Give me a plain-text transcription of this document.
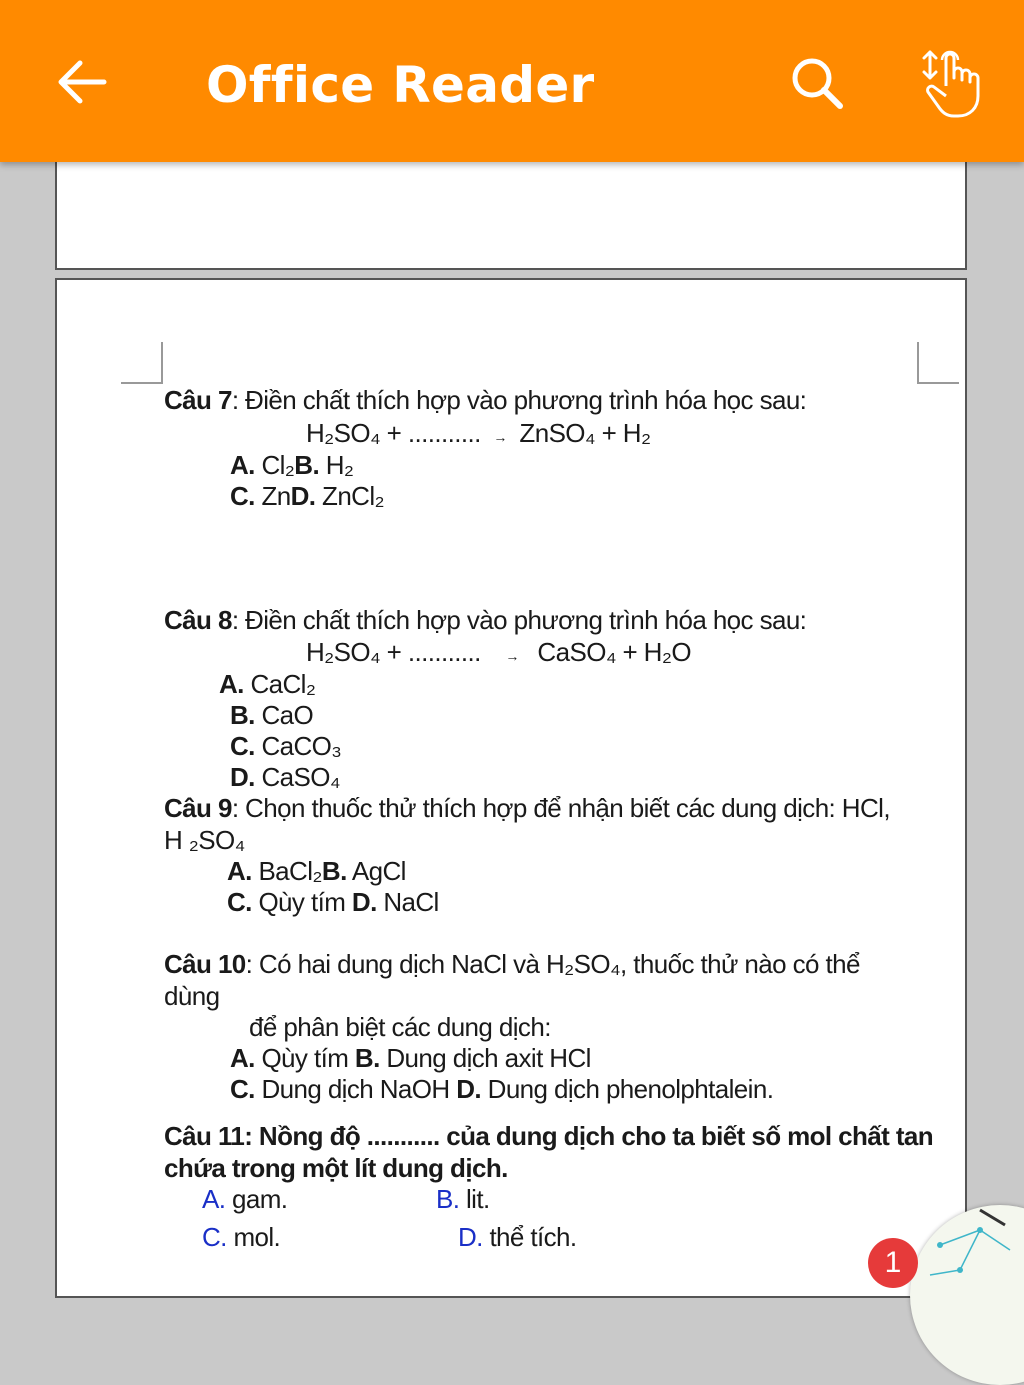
Office Reader
Câu 7: Điền chất thích hợp vào phương trình hóa học sau:
H₂SO₄ + ........... → ZnSO₄ + H₂
A. Cl₂B. H₂
C. ZnD. ZnCl₂
Câu 8: Điền chất thích hợp vào phương trình hóa học sau:
H₂SO₄ + ........... → CaSO₄ + H₂O
A. CaCl₂
B. CaO
C. CaCO₃
D. CaSO₄
Câu 9: Chọn thuốc thử thích hợp để nhận biết các dung dịch: HCl,
H ₂SO₄
A. BaCl₂B. AgCl
C. Qùy tím D. NaCl
Câu 10: Có hai dung dịch NaCl và H₂SO₄, thuốc thử nào có thể
dùng
để phân biệt các dung dịch:
A. Qùy tím B. Dung dịch axit HCl
C. Dung dịch NaOH D. Dung dịch phenolphtalein.
Câu 11: Nồng độ ........... của dung dịch cho ta biết số mol chất tan
chứa trong một lít dung dịch.
A. gam.	B. lit.
C. mol.	D. thể tích.
1
